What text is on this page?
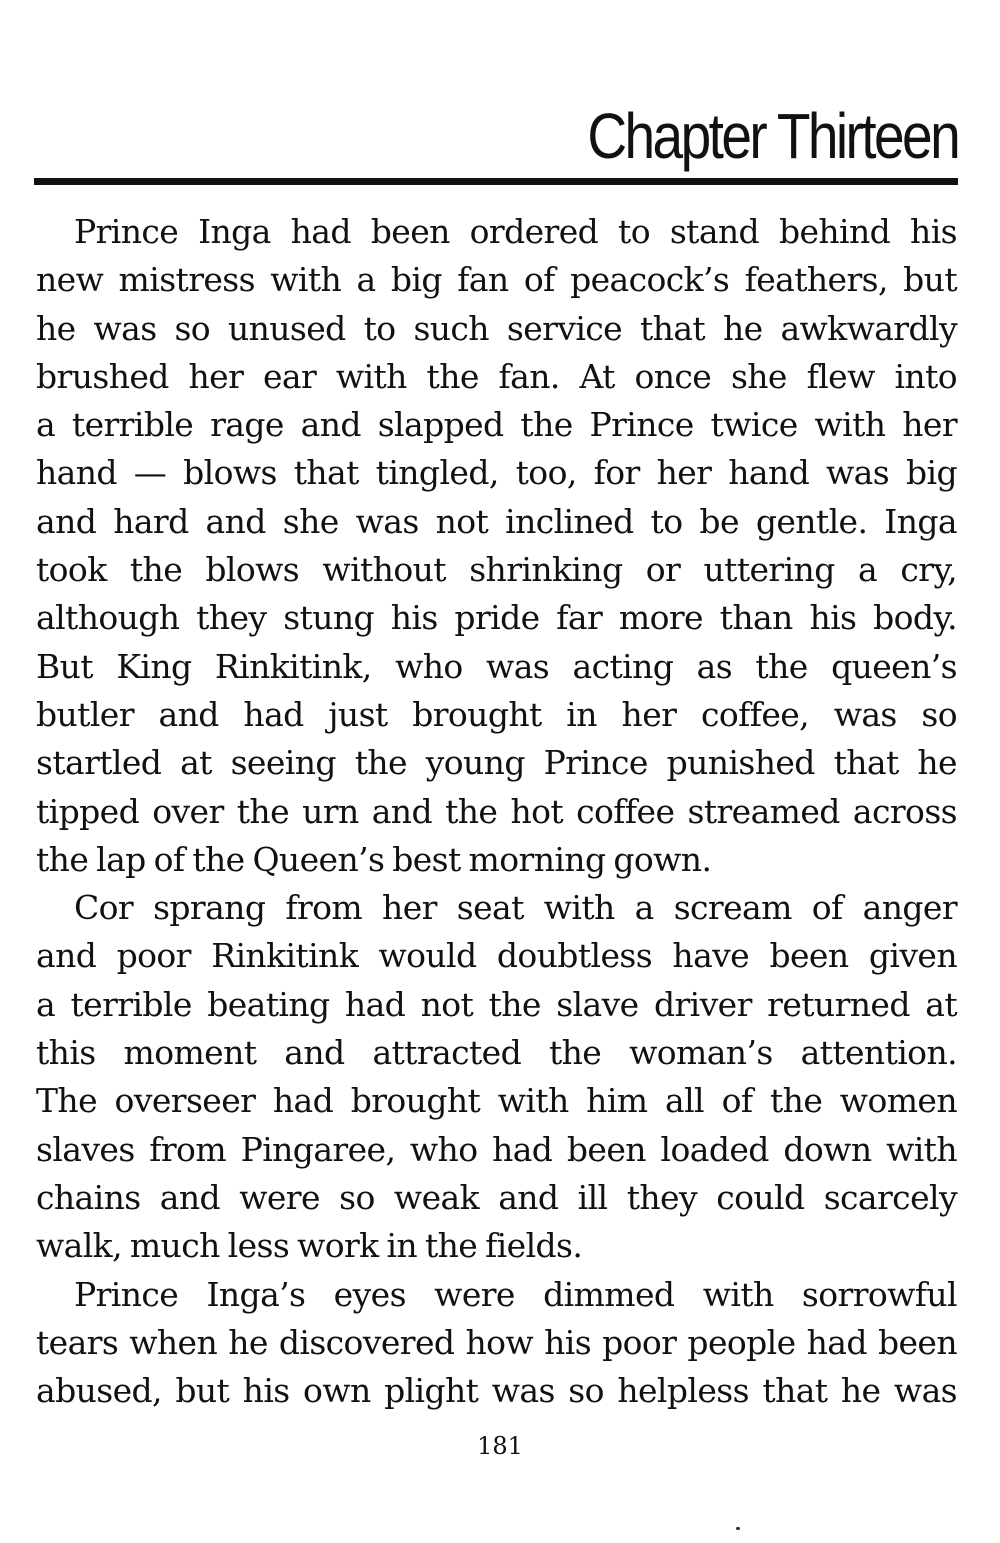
Chapter Thirteen

Prince Inga had been ordered to stand behind his
new mistress with a big fan of peacock’s feathers, but
he was so unused to such service that he awkwardly
brushed her ear with the fan. At once she flew into
a terrible rage and slapped the Prince twice with her
hand — blows that tingled, too, for her hand was big
and hard and she was not inclined to be gentle. Inga
took the blows without shrinking or uttering a cry,
although they stung his pride far more than his body.
But King Rinkitink, who was acting as the queen’s
butler and had just brought in her coffee, was so
startled at seeing the young Prince punished that he
tipped over the urn and the hot coffee streamed across
the lap of the Queen’s best morning gown.

Cor sprang from her seat with a scream of anger
and poor Rinkitink would doubtless have been given
a terrible beating had not the slave driver returned at
this moment and attracted the woman’s attention.
The overseer had brought with him all of the women
slaves from Pingaree, who had been loaded down with
chains and were so weak and ill they could scarcely
walk, much less work in the fields.

Prince Inga’s eyes were dimmed with sorrowful
tears when he discovered how his poor people had been
abused, but his own plight was so helpless that he was

181
